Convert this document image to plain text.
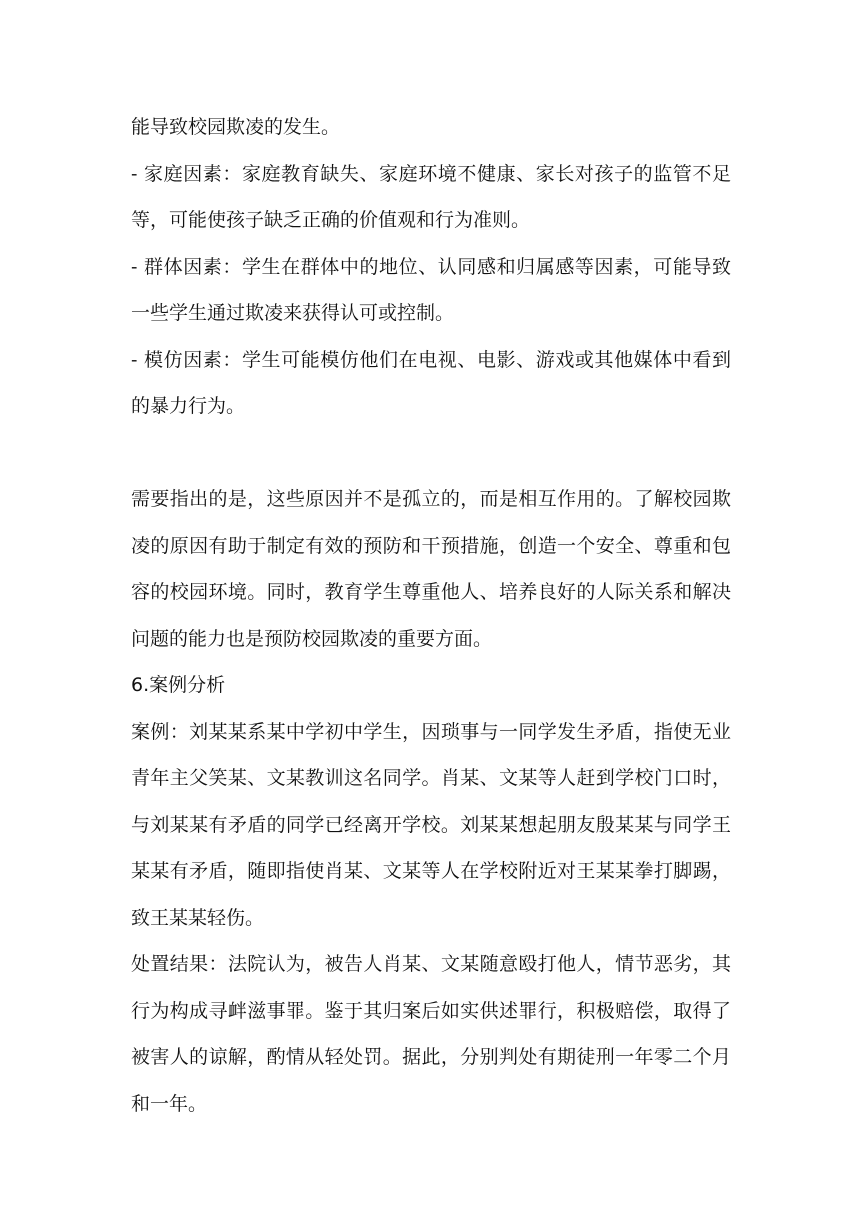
能导致校园欺凌的发生。

- 家庭因素：家庭教育缺失、家庭环境不健康、家长对孩子的监管不足等，可能使孩子缺乏正确的价值观和行为准则。

- 群体因素：学生在群体中的地位、认同感和归属感等因素，可能导致一些学生通过欺凌来获得认可或控制。

- 模仿因素：学生可能模仿他们在电视、电影、游戏或其他媒体中看到的暴力行为。

需要指出的是，这些原因并不是孤立的，而是相互作用的。了解校园欺凌的原因有助于制定有效的预防和干预措施，创造一个安全、尊重和包容的校园环境。同时，教育学生尊重他人、培养良好的人际关系和解决问题的能力也是预防校园欺凌的重要方面。

6.案例分析

案例：刘某某系某中学初中学生，因琐事与一同学发生矛盾，指使无业青年主父笑某、文某教训这名同学。肖某、文某等人赶到学校门口时，与刘某某有矛盾的同学已经离开学校。刘某某想起朋友殷某某与同学王某某有矛盾，随即指使肖某、文某等人在学校附近对王某某拳打脚踢，致王某某轻伤。

处置结果：法院认为，被告人肖某、文某随意殴打他人，情节恶劣，其行为构成寻衅滋事罪。鉴于其归案后如实供述罪行，积极赔偿，取得了被害人的谅解，酌情从轻处罚。据此，分别判处有期徒刑一年零二个月和一年。
